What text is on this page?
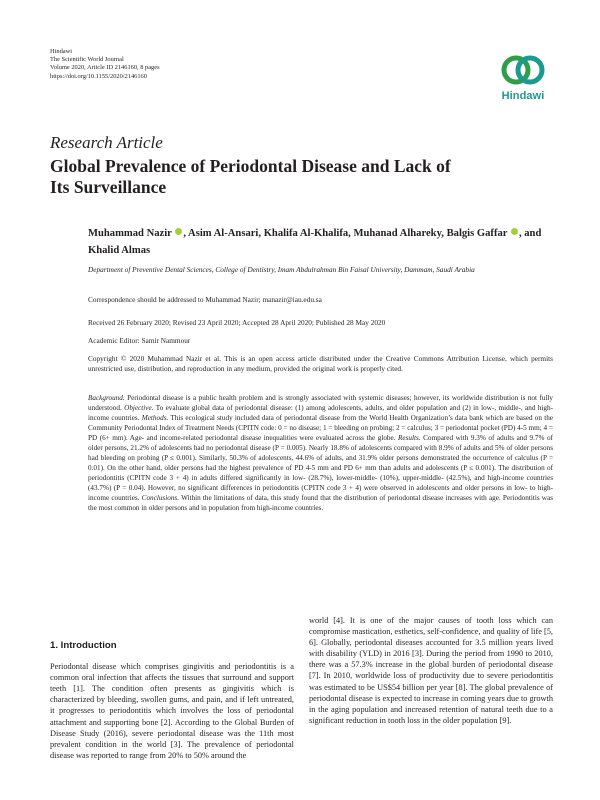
Hindawi
The Scientific World Journal
Volume 2020, Article ID 2146160, 8 pages
https://doi.org/10.1155/2020/2146160
Hindawi
Research Article
Global Prevalence of Periodontal Disease and Lack of Its Surveillance
Muhammad Nazir , Asim Al-Ansari, Khalifa Al-Khalifa, Muhanad Alhareky, Balgis Gaffar , and Khalid Almas
Department of Preventive Dental Sciences, College of Dentistry, Imam Abdulrahman Bin Faisal University, Dammam, Saudi Arabia
Correspondence should be addressed to Muhammad Nazir; manazir@iau.edu.sa
Received 26 February 2020; Revised 23 April 2020; Accepted 28 April 2020; Published 28 May 2020
Academic Editor: Samir Nammour
Copyright © 2020 Muhammad Nazir et al. This is an open access article distributed under the Creative Commons Attribution License, which permits unrestricted use, distribution, and reproduction in any medium, provided the original work is properly cited.
Background. Periodontal disease is a public health problem and is strongly associated with systemic diseases; however, its worldwide distribution is not fully understood. Objective. To evaluate global data of periodontal disease: (1) among adolescents, adults, and older population and (2) in low-, middle-, and high-income countries. Methods. This ecological study included data of periodontal disease from the World Health Organization’s data bank which are based on the Community Periodontal Index of Treatment Needs (CPITN code: 0 = no disease; 1 = bleeding on probing; 2 = calculus; 3 = periodontal pocket (PD) 4-5 mm; 4 = PD (6+ mm). Age- and income-related periodontal disease inequalities were evaluated across the globe. Results. Compared with 9.3% of adults and 9.7% of older persons, 21.2% of adolescents had no periodontal disease (P = 0.005). Nearly 18.8% of adolescents compared with 8.9% of adults and 5% of older persons had bleeding on probing (P ≤ 0.001). Similarly, 50.3% of adolescents, 44.6% of adults, and 31.9% older persons demonstrated the occurrence of calculus (P = 0.01). On the other hand, older persons had the highest prevalence of PD 4-5 mm and PD 6+ mm than adults and adolescents (P ≤ 0.001). The distribution of periodontitis (CPITN code 3 + 4) in adults differed significantly in low- (28.7%), lower-middle- (10%), upper-middle- (42.5%), and high-income countries (43.7%) (P = 0.04). However, no significant differences in periodontitis (CPITN code 3 + 4) were observed in adolescents and older persons in low- to high-income countries. Conclusions. Within the limitations of data, this study found that the distribution of periodontal disease increases with age. Periodontitis was the most common in older persons and in population from high-income countries.
1. Introduction

Periodontal disease which comprises gingivitis and periodontitis is a common oral infection that affects the tissues that surround and support teeth [1]. The condition often presents as gingivitis which is characterized by bleeding, swollen gums, and pain, and if left untreated, it progresses to periodontitis which involves the loss of periodontal attachment and supporting bone [2]. According to the Global Burden of Disease Study (2016), severe periodontal disease was the 11th most prevalent condition in the world [3]. The prevalence of periodontal disease was reported to range from 20% to 50% around the

world [4]. It is one of the major causes of tooth loss which can compromise mastication, esthetics, self-confidence, and quality of life [5, 6]. Globally, periodontal diseases accounted for 3.5 million years lived with disability (YLD) in 2016 [3]. During the period from 1990 to 2010, there was a 57.3% increase in the global burden of periodontal disease [7]. In 2010, worldwide loss of productivity due to severe periodontitis was estimated to be US$54 billion per year [8]. The global prevalence of periodontal disease is expected to increase in coming years due to growth in the aging population and increased retention of natural teeth due to a significant reduction in tooth loss in the older population [9].
